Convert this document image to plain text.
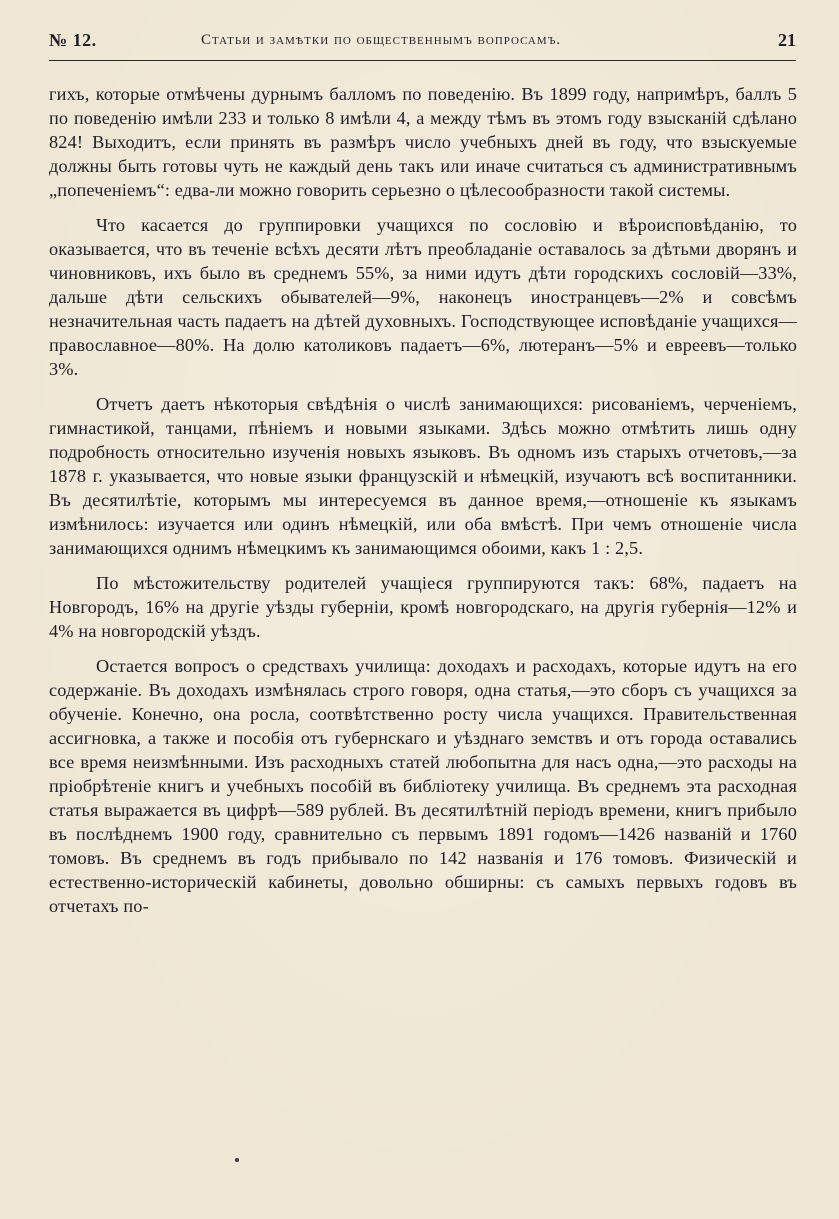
№ 12.	Статьи и замѣтки по общественнымъ вопросамъ.	21

гихъ, которые отмѣчены дурнымъ балломъ по поведенію. Въ 1899 году, напримѣръ, баллъ 5 по поведенію имѣли 233 и только 8 имѣли 4, а между тѣмъ въ этомъ году взысканій сдѣлано 824! Выходитъ, если принять въ размѣръ число учебныхъ дней въ году, что взыскуемые должны быть готовы чуть не каждый день такъ или иначе считаться съ административнымъ „попеченіемъ“: едва-ли можно говорить серьезно о цѣлесообразности такой системы.

Что касается до группировки учащихся по сословію и вѣроисповѣданію, то оказывается, что въ теченіе всѣхъ десяти лѣтъ преобладаніе оставалось за дѣтьми дворянъ и чиновниковъ, ихъ было въ среднемъ 55%, за ними идутъ дѣти городскихъ сословій—33%, дальше дѣти сельскихъ обывателей—9%, наконецъ иностранцевъ—2% и совсѣмъ незначительная часть падаетъ на дѣтей духовныхъ. Господствующее исповѣданіе учащихся—православное—80%. На долю католиковъ падаетъ—6%, лютеранъ—5% и евреевъ—только 3%.

Отчетъ даетъ нѣкоторыя свѣдѣнія о числѣ занимающихся: рисованіемъ, черченіемъ, гимнастикой, танцами, пѣніемъ и новыми языками. Здѣсь можно отмѣтить лишь одну подробность относительно изученія новыхъ языковъ. Въ одномъ изъ старыхъ отчетовъ,—за 1878 г. указывается, что новые языки французскій и нѣмецкій, изучаютъ всѣ воспитанники. Въ десятилѣтіе, которымъ мы интересуемся въ данное время,—отношеніе къ языкамъ измѣнилось: изучается или одинъ нѣмецкій, или оба вмѣстѣ. При чемъ отношеніе числа занимающихся однимъ нѣмецкимъ къ занимающимся обоими, какъ 1 : 2,5.

По мѣстожительству родителей учащіеся группируются такъ: 68%, падаетъ на Новгородъ, 16% на другіе уѣзды губерніи, кромѣ новгородскаго, на другія губернія—12% и 4% на новгородскій уѣздъ.

Остается вопросъ о средствахъ училища: доходахъ и расходахъ, которые идутъ на его содержаніе. Въ доходахъ измѣнялась строго говоря, одна статья,—это сборъ съ учащихся за обученіе. Конечно, она росла, соотвѣтственно росту числа учащихся. Правительственная ассигновка, а также и пособія отъ губернскаго и уѣзднаго земствъ и отъ города оставались все время неизмѣнными. Изъ расходныхъ статей любопытна для насъ одна,—это расходы на пріобрѣтеніе книгъ и учебныхъ пособій въ библіотеку училища. Въ среднемъ эта расходная статья выражается въ цифрѣ—589 рублей. Въ десятилѣтній періодъ времени, книгъ прибыло въ послѣднемъ 1900 году, сравнительно съ первымъ 1891 годомъ—1426 названій и 1760 томовъ. Въ среднемъ въ годъ прибывало по 142 названія и 176 томовъ. Физическій и естественно-историческій кабинеты, довольно обширны: съ самыхъ первыхъ годовъ въ отчетахъ по-
